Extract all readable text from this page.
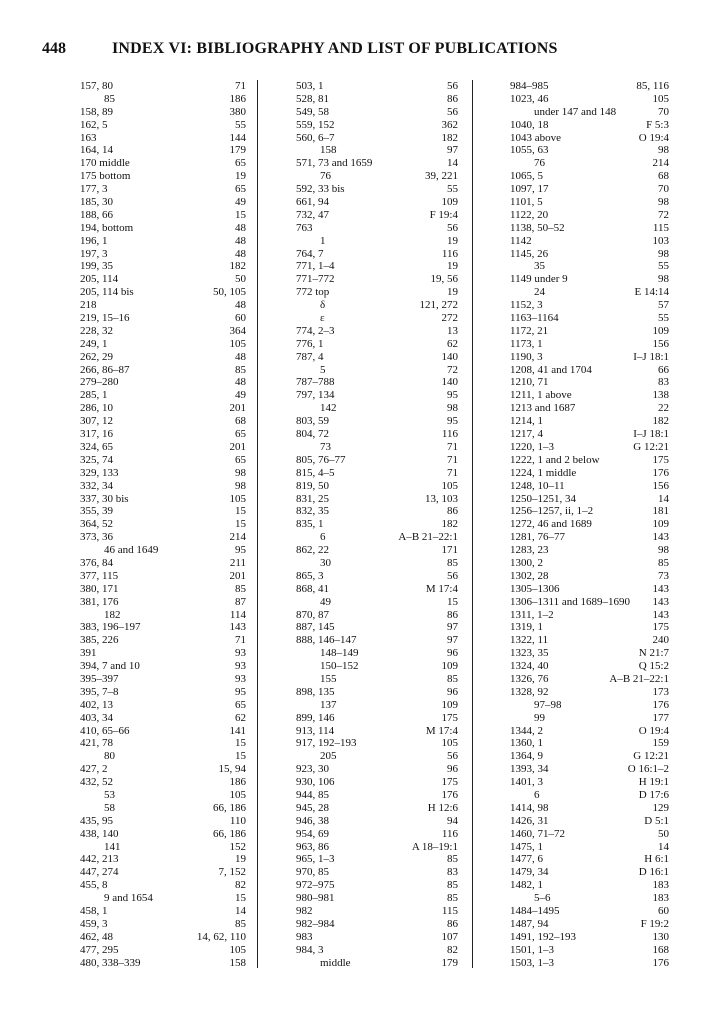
448	INDEX VI: BIBLIOGRAPHY AND LIST OF PUBLICATIONS
157, 80	71
85	186
158, 89	380
162, 5	55
163	144
164, 14	179
170 middle	65
175 bottom	19
177, 3	65
185, 30	49
188, 66	15
194, bottom	48
196, 1	48
197, 3	48
199, 35	182
205, 114	50
205, 114 bis	50, 105
218	48
219, 15–16	60
228, 32	364
249, 1	105
262, 29	48
266, 86–87	85
279–280	48
285, 1	49
286, 10	201
307, 12	68
317, 16	65
324, 65	201
325, 74	65
329, 133	98
332, 34	98
337, 30 bis	105
355, 39	15
364, 52	15
373, 36	214
46 and 1649	95
376, 84	211
377, 115	201
380, 171	85
381, 176	87
182	114
383, 196–197	143
385, 226	71
391	93
394, 7 and 10	93
395–397	93
395, 7–8	95
402, 13	65
403, 34	62
410, 65–66	141
421, 78	15
80	15
427, 2	15, 94
432, 52	186
53	105
58	66, 186
435, 95	110
438, 140	66, 186
141	152
442, 213	19
447, 274	7, 152
455, 8	82
9 and 1654	15
458, 1	14
459, 3	85
462, 48	14, 62, 110
477, 295	105
480, 338–339	158
503, 1	56
528, 81	86
549, 58	56
559, 152	362
560, 6–7	182
158	97
571, 73 and 1659	14
76	39, 221
592, 33 bis	55
661, 94	109
732, 47	F 19:4
763	56
1	19
764, 7	116
771, 1–4	19
771–772	19, 56
772 top	19
δ	121, 272
ε	272
774, 2–3	13
776, 1	62
787, 4	140
5	72
787–788	140
797, 134	95
142	98
803, 59	95
804, 72	116
73	71
805, 76–77	71
815, 4–5	71
819, 50	105
831, 25	13, 103
832, 35	86
835, 1	182
6	A–B 21–22:1
862, 22	171
30	85
865, 3	56
868, 41	M 17:4
49	15
870, 87	86
887, 145	97
888, 146–147	97
148–149	96
150–152	109
155	85
898, 135	96
137	109
899, 146	175
913, 114	M 17:4
917, 192–193	105
205	56
923, 30	96
930, 106	175
944, 85	176
945, 28	H 12:6
946, 38	94
954, 69	116
963, 86	A 18–19:1
965, 1–3	85
970, 85	83
972–975	85
980–981	85
982	115
982–984	86
983	107
984, 3	82
middle	179
984–985	85, 116
1023, 46	105
under 147 and 148	70
1040, 18	F 5:3
1043 above	O 19:4
1055, 63	98
76	214
1065, 5	68
1097, 17	70
1101, 5	98
1122, 20	72
1138, 50–52	115
1142	103
1145, 26	98
35	55
1149 under 9	98
24	E 14:14
1152, 3	57
1163–1164	55
1172, 21	109
1173, 1	156
1190, 3	I–J 18:1
1208, 41 and 1704	66
1210, 71	83
1211, 1 above	138
1213 and 1687	22
1214, 1	182
1217, 4	I–J 18:1
1220, 1–3	G 12:21
1222, 1 and 2 below	175
1224, 1 middle	176
1248, 10–11	156
1250–1251, 34	14
1256–1257, ii, 1–2	181
1272, 46 and 1689	109
1281, 76–77	143
1283, 23	98
1300, 2	85
1302, 28	73
1305–1306	143
1306–1311 and 1689–1690 143
1311, 1–2	143
1319, 1	175
1322, 11	240
1323, 35	N 21:7
1324, 40	Q 15:2
1326, 76	A–B 21–22:1
1328, 92	173
97–98	176
99	177
1344, 2	O 19:4
1360, 1	159
1364, 9	G 12:21
1393, 34	O 16:1–2
1401, 3	H 19:1
6	D 17:6
1414, 98	129
1426, 31	D 5:1
1460, 71–72	50
1475, 1	14
1477, 6	H 6:1
1479, 34	D 16:1
1482, 1	183
5–6	183
1484–1495	60
1487, 94	F 19:2
1491, 192–193	130
1501, 1–3	168
1503, 1–3	176
